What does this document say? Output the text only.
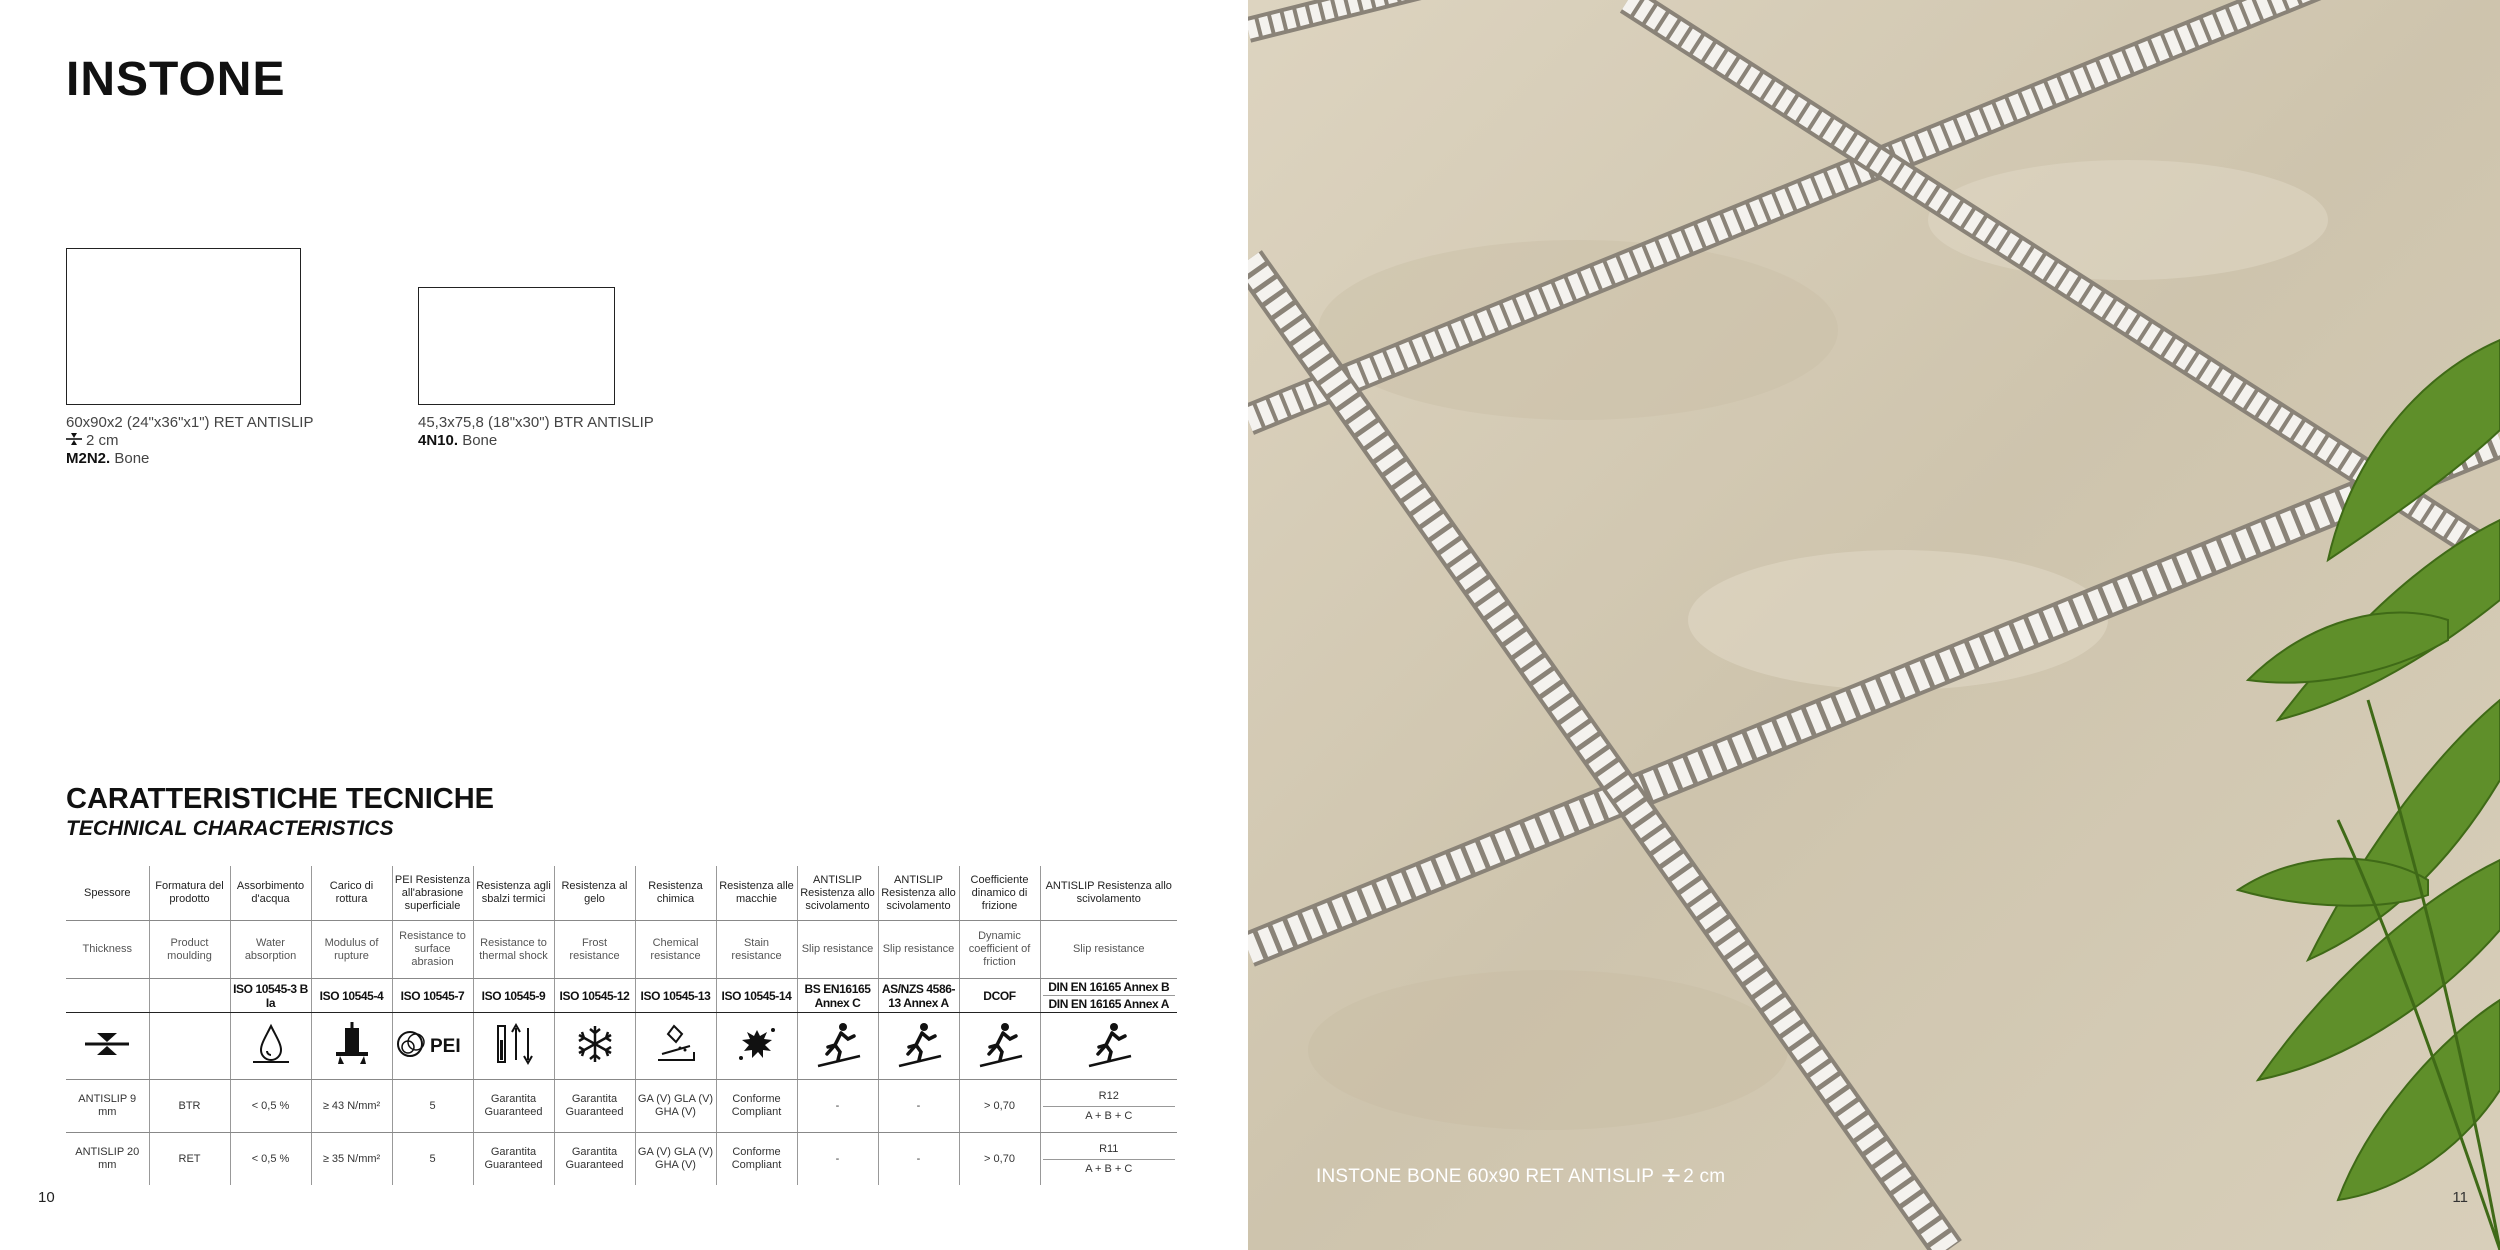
INSTONE
60x90x2 (24"x36"x1") RET ANTISLIP
2 cm
M2N2. Bone
45,3x75,8 (18"x30") BTR ANTISLIP
4N10. Bone
CARATTERISTICHE TECNICHE
TECHNICAL CHARACTERISTICS
Spessore	Formatura del prodotto	Assorbimento d'acqua	Carico di rottura	PEI Resistenza all'abrasione superficiale	Resistenza agli sbalzi termici	Resistenza al gelo	Resistenza chimica	Resistenza alle macchie	ANTISLIP Resistenza allo scivolamento	ANTISLIP Resistenza allo scivolamento	Coefficiente dinamico di frizione	ANTISLIP Resistenza allo scivolamento
Thickness	Product moulding	Water absorption	Modulus of rupture	Resistance to surface abrasion	Resistance to thermal shock	Frost resistance	Chemical resistance	Stain resistance	Slip resistance	Slip resistance	Dynamic coefficient of friction	Slip resistance
		ISO 10545-3 B Ia	ISO 10545-4	ISO 10545-7	ISO 10545-9	ISO 10545-12	ISO 10545-13	ISO 10545-14	BS EN16165 Annex C	AS/NZS 4586-13 Annex A	DCOF	DIN EN 16165 Annex B
DIN EN 16165 Annex A

PEI

ANTISLIP 9 mm	BTR	< 0,5 %	≥ 43 N/mm²	5	Garantita Guaranteed	Garantita Guaranteed	GA (V) GLA (V) GHA (V)	Conforme Compliant	-	-	> 0,70	R12
A + B + C

ANTISLIP 20 mm	RET	< 0,5 %	≥ 35 N/mm²	5	Garantita Guaranteed	Garantita Guaranteed	GA (V) GLA (V) GHA (V)	Conforme Compliant	-	-	> 0,70	R11
A + B + C
10
INSTONE BONE 60x90 RET ANTISLIP 2 cm
11
